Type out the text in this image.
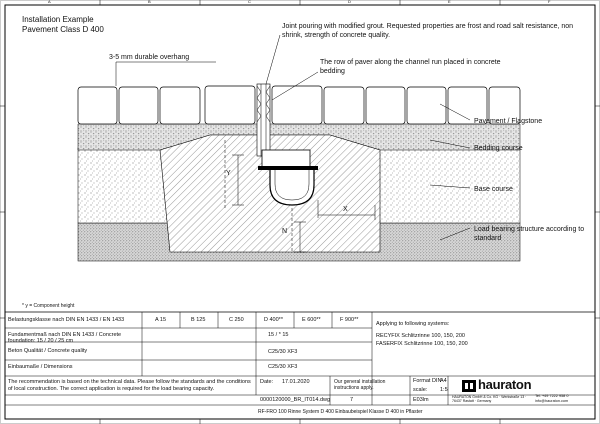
Installation Example
Pavement Class D 400
A	B	C	D	E	F
3-5 mm durable overhang
Joint pouring with modified grout. Requested properties are frost and road salt resistance, non shrink, strength of concrete quality.
The row of paver along the channel run placed in concrete bedding
Pavement / Flagstone
Bedding course
Base course
Load bearing structure according to standard
Y
X
N
* y = Component height
Belastungsklasse nach DIN EN 1433 / EN 1433	A 15	B 125	C 250	D 400**	E 600**	F 900**
Fundamentmaß nach DIN EN 1433 / Concrete foundation: 15 / 20 / 25 cm
15 / * 15
Beton Qualität / Concrete quality	C25/30 XF3
Einbaumaße / Dimensions	C25/30 XF3
Applying to following systems:
RECYFIX Schlitzrinne 100, 150, 200
FASERFIX Schlitzrinne 100, 150, 200
The recommendation is based on the technical data. Please follow the standards and the conditions of local construction. The correct application is required for the load bearing capacity.
Date: 17.01.2020	Our general installation instructions apply.
0000120000_BR_IT014.dwg	7
Format DIN
A4
scale: 1:5
E03lm
hauraton
HAURATON GmbH & Co. KG · Werkstraße 13 · 76437 Rastatt · Germany
Tel. +49 7222 958 0
info@hauraton.com
RF-FRO 100 Rinne System D 400 Einbaubeispiel Klasse D 400 in Pflaster
